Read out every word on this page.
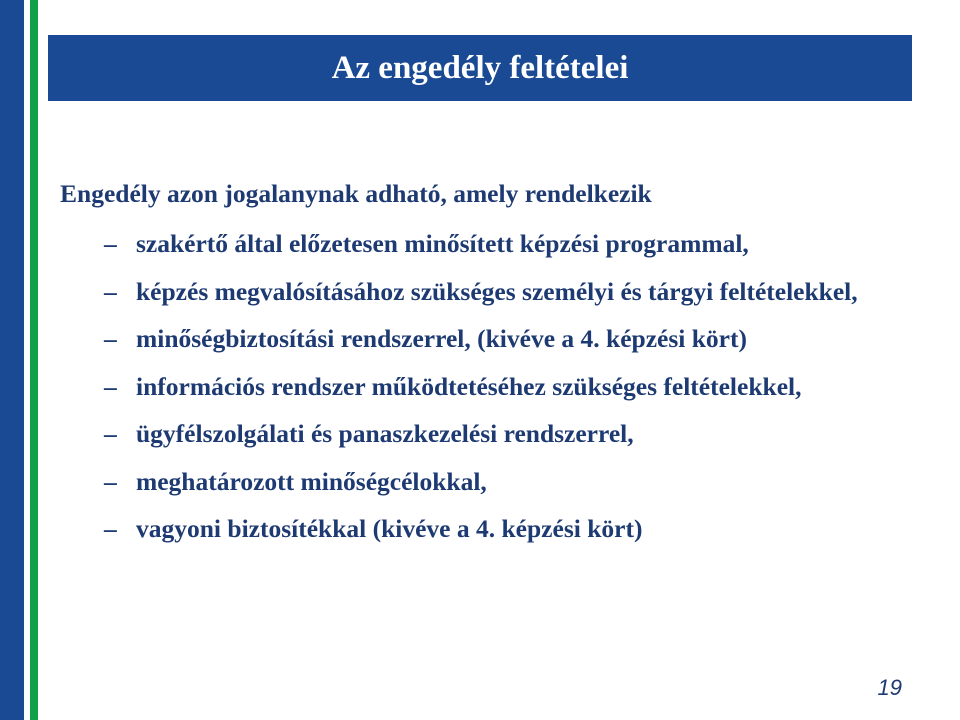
Az engedély feltételei
Engedély azon jogalanynak adható, amely rendelkezik
– szakértő által előzetesen minősített képzési programmal,
– képzés megvalósításához szükséges személyi és tárgyi feltételekkel,
– minőségbiztosítási rendszerrel, (kivéve a 4. képzési kört)
– információs rendszer működtetéséhez szükséges feltételekkel,
– ügyfélszolgálati és panaszkezelési rendszerrel,
– meghatározott minőségcélokkal,
– vagyoni biztosítékkal (kivéve a 4. képzési kört)
19
